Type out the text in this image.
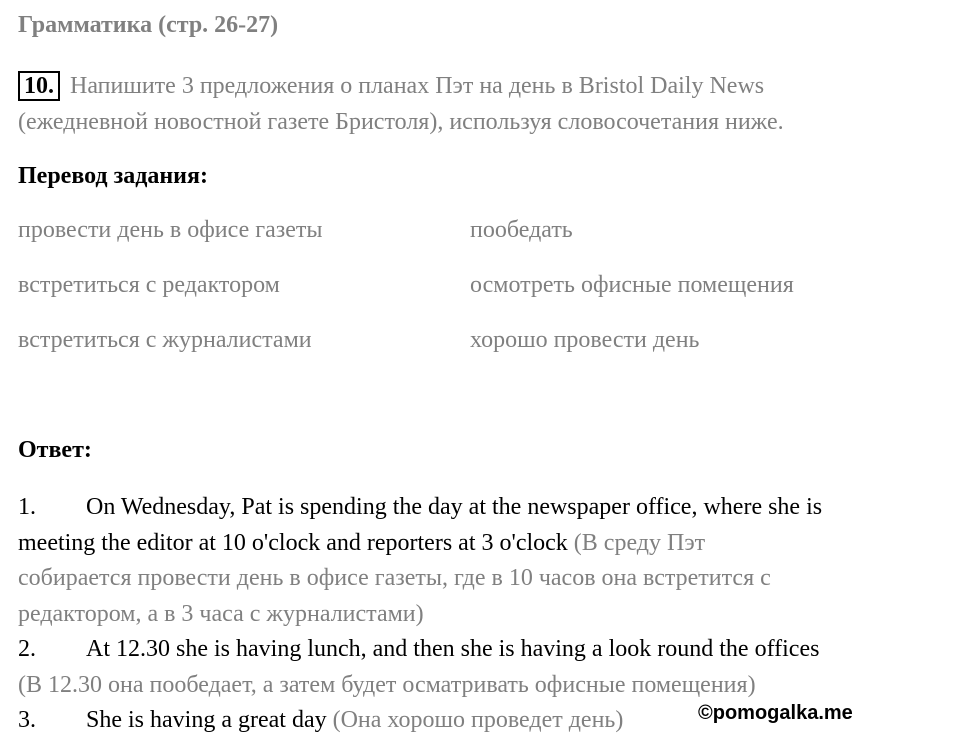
Грамматика (стр. 26-27)
10. Напишите 3 предложения о планах Пэт на день в Bristol Daily News
(ежедневной новостной газете Бристоля), используя словосочетания ниже.
Перевод задания:
провести день в офисе газеты
встретиться с редактором
встретиться с журналистами
пообедать
осмотреть офисные помещения
хорошо провести день
Ответ:
1. On Wednesday, Pat is spending the day at the newspaper office, where she is
meeting the editor at 10 o'clock and reporters at 3 o'clock (В среду Пэт
собирается провести день в офисе газеты, где в 10 часов она встретится с
редактором, а в 3 часа с журналистами)
2. At 12.30 she is having lunch, and then she is having a look round the offices
(В 12.30 она пообедает, а затем будет осматривать офисные помещения)
3. She is having a great day (Она хорошо проведет день)	©pomogalka.me
